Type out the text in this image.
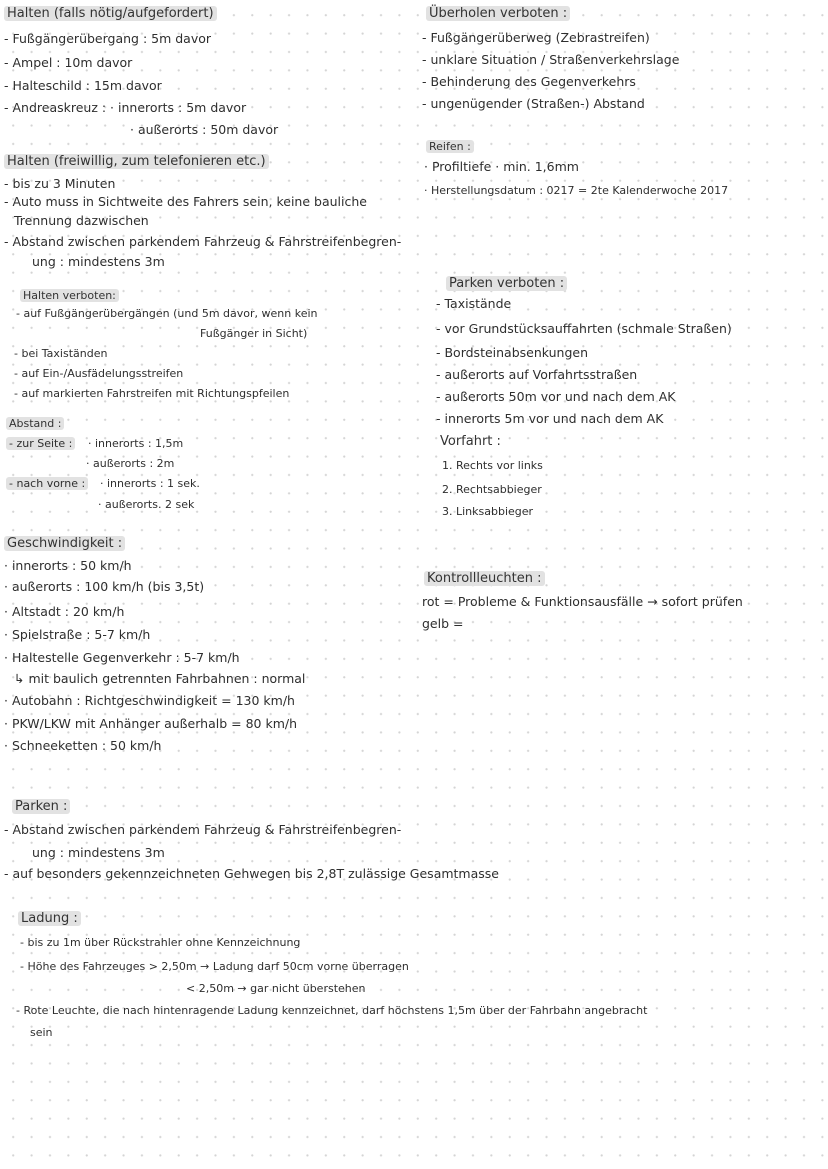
Halten (falls nötig/aufgefordert)
- Fußgängerübergang : 5m davor
- Ampel : 10m davor
- Halteschild : 15m davor
- Andreaskreuz : · innerorts : 5m davor
· außerorts : 50m davor
Halten (freiwillig, zum telefonieren etc.)
- bis zu 3 Minuten
- Auto muss in Sichtweite des Fahrers sein, keine bauliche
Trennung dazwischen
- Abstand zwischen parkendem Fahrzeug & Fahrstreifenbegren-
ung : mindestens 3m
Halten verboten:
- auf Fußgängerübergängen (und 5m davor, wenn kein
Fußgänger in Sicht)
- bei Taxiständen
- auf Ein-/Ausfädelungsstreifen
- auf markierten Fahrstreifen mit Richtungspfeilen
Abstand :
- zur Seite : · innerorts : 1,5m
· außerorts : 2m
- nach vorne : · innerorts : 1 sek.
· außerorts. 2 sek
Geschwindigkeit :
· innerorts : 50 km/h
· außerorts : 100 km/h (bis 3,5t)
· Altstadt : 20 km/h
· Spielstraße : 5-7 km/h
· Haltestelle Gegenverkehr : 5-7 km/h
↳ mit baulich getrennten Fahrbahnen : normal
· Autobahn : Richtgeschwindigkeit = 130 km/h
· PKW/LKW mit Anhänger außerhalb = 80 km/h
· Schneeketten : 50 km/h
Parken :
- Abstand zwischen parkendem Fahrzeug & Fahrstreifenbegren-
ung : mindestens 3m
- auf besonders gekennzeichneten Gehwegen bis 2,8T zulässige Gesamtmasse
Ladung :
- bis zu 1m über Rückstrahler ohne Kennzeichnung
- Höhe des Fahrzeuges > 2,50m → Ladung darf 50cm vorne überragen
< 2,50m → gar nicht überstehen
- Rote Leuchte, die nach hintenragende Ladung kennzeichnet, darf höchstens 1,5m über der Fahrbahn angebracht
sein
Überholen verboten :
- Fußgängerüberweg (Zebrastreifen)
- unklare Situation / Straßenverkehrslage
- Behinderung des Gegenverkehrs
- ungenügender (Straßen-) Abstand
Reifen :
· Profiltiefe · min. 1,6mm
· Herstellungsdatum : 0217 = 2te Kalenderwoche 2017
Parken verboten :
- Taxistände
- vor Grundstücksauffahrten (schmale Straßen)
- Bordsteinabsenkungen
- außerorts auf Vorfahrtsstraßen
- außerorts 50m vor und nach dem AK
- innerorts 5m vor und nach dem AK
Vorfahrt :
1. Rechts vor links
2. Rechtsabbieger
3. Linksabbieger
Kontrollleuchten :
rot = Probleme & Funktionsausfälle → sofort prüfen
gelb =
